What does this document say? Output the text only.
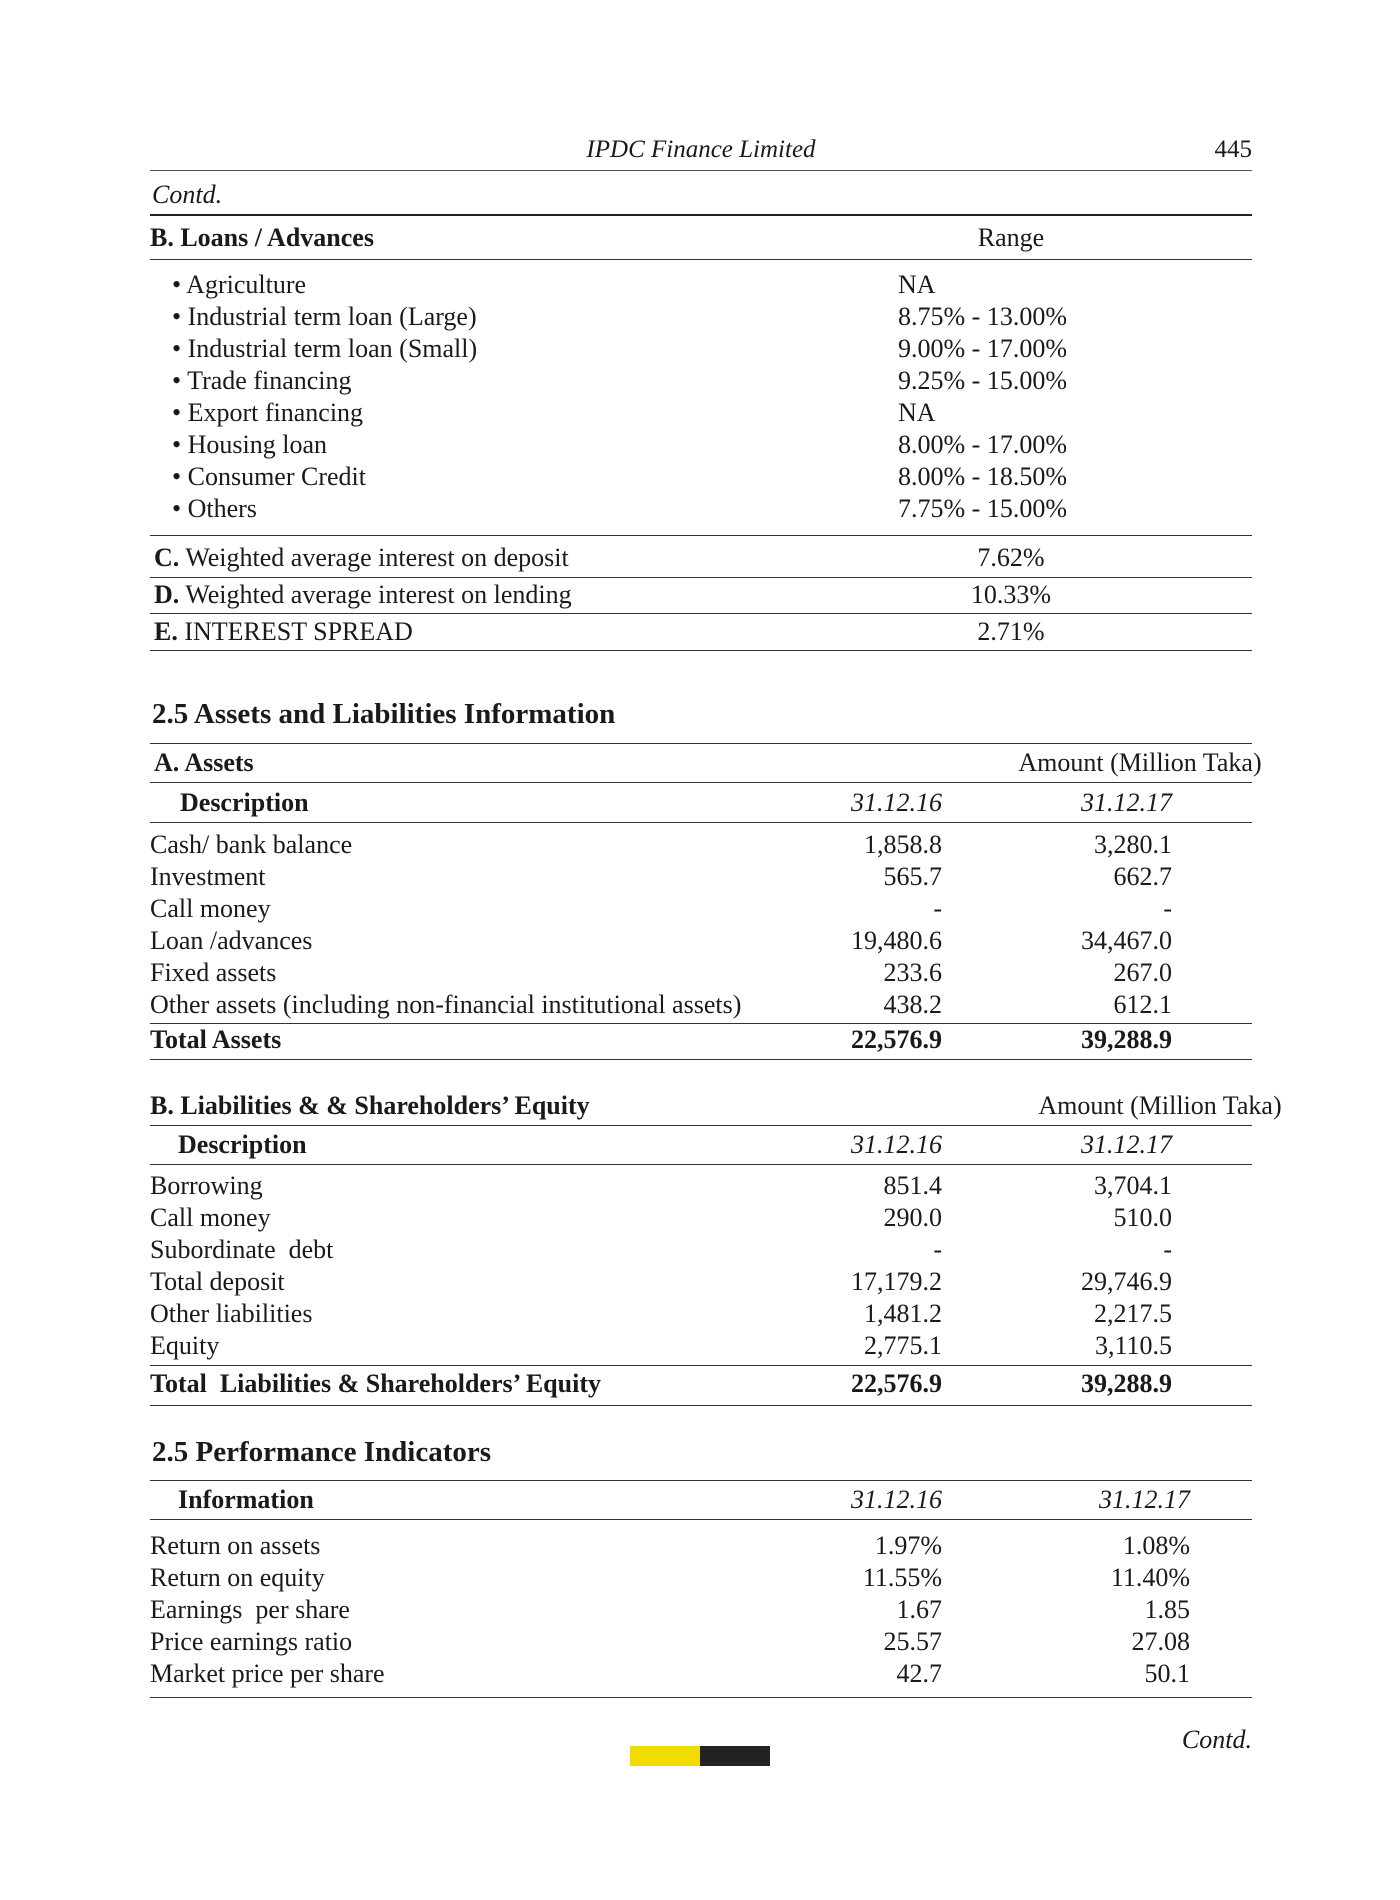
IPDC Finance Limited	445
Contd.
B. Loans / Advances	Range
• Agriculture	NA
• Industrial term loan (Large)	8.75% - 13.00%
• Industrial term loan (Small)	9.00% - 17.00%
• Trade financing	9.25% - 15.00%
• Export financing	NA
• Housing loan	8.00% - 17.00%
• Consumer Credit	8.00% - 18.50%
• Others	7.75% - 15.00%
C. Weighted average interest on deposit	7.62%
D. Weighted average interest on lending	10.33%
E. INTEREST SPREAD	2.71%
2.5 Assets and Liabilities Information
A. Assets	Amount (Million Taka)
Description	31.12.16	31.12.17
Cash/ bank balance	1,858.8	3,280.1
Investment	565.7	662.7
Call money	-	-
Loan /advances	19,480.6	34,467.0
Fixed assets	233.6	267.0
Other assets (including non-financial institutional assets)	438.2	612.1
Total Assets	22,576.9	39,288.9
B. Liabilities & & Shareholders’ Equity	Amount (Million Taka)
Description	31.12.16	31.12.17
Borrowing	851.4	3,704.1
Call money	290.0	510.0
Subordinate  debt	-	-
Total deposit	17,179.2	29,746.9
Other liabilities	1,481.2	2,217.5
Equity	2,775.1	3,110.5
Total  Liabilities & Shareholders’ Equity	22,576.9	39,288.9
2.5 Performance Indicators
Information	31.12.16	31.12.17
Return on assets	1.97%	1.08%
Return on equity	11.55%	11.40%
Earnings  per share	1.67	1.85
Price earnings ratio	25.57	27.08
Market price per share	42.7	50.1
Contd.
